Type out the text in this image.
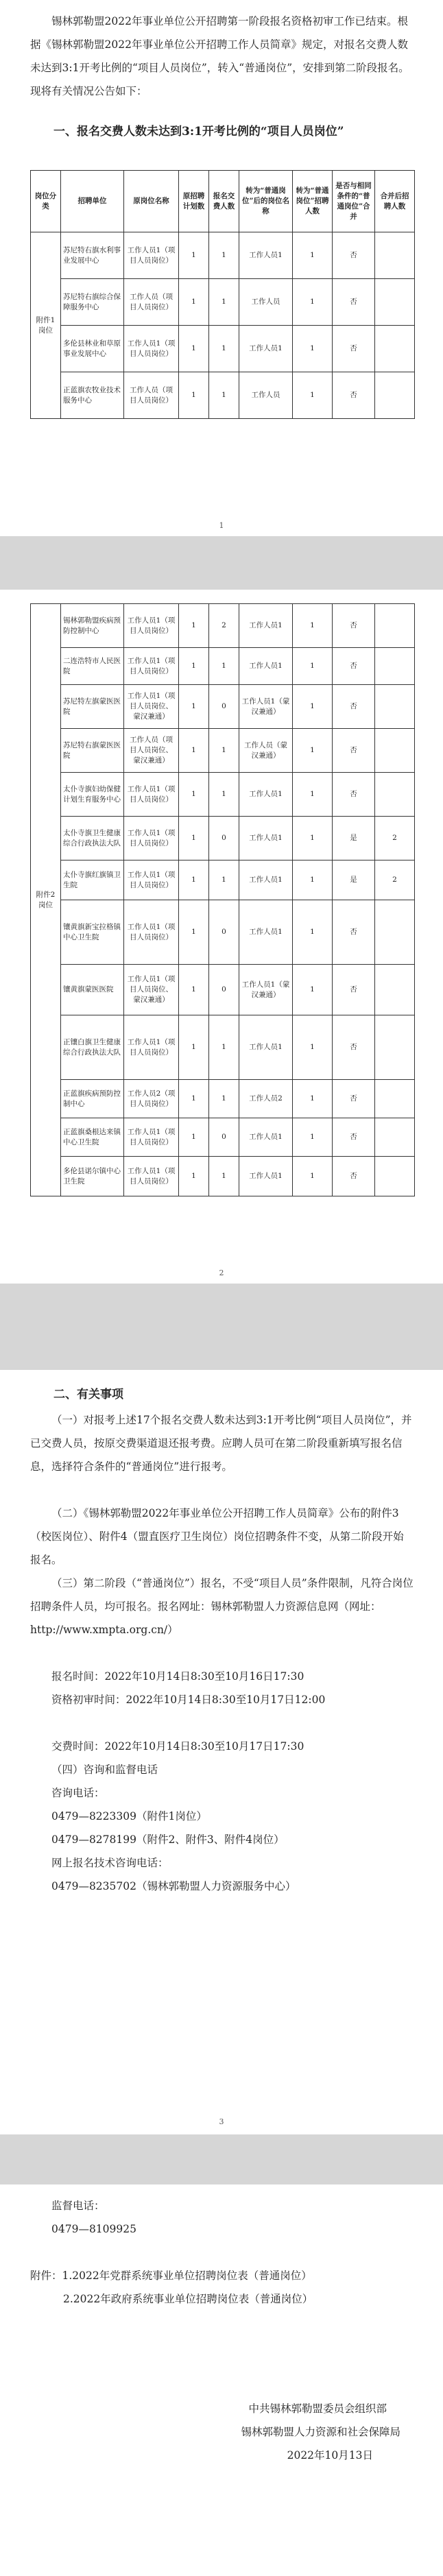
锡林郭勒盟2022年事业单位公开招聘第一阶段报名资格初审工作已结束。根据《锡林郭勒盟2022年事业单位公开招聘工作人员简章》规定，对报名交费人数未达到3:1开考比例的“项目人员岗位”，转入“普通岗位”，安排到第二阶段报名。现将有关情况公告如下：
一、报名交费人数未达到3:1开考比例的“项目人员岗位”
岗位分类	招聘单位	原岗位名称	原招聘计划数	报名交费人数	转为“普通岗位”后的岗位名称	转为“普通岗位”招聘人数	是否与相同条件的“普通岗位”合并	合并后招聘人数
附件1岗位	苏尼特右旗水利事业发展中心	工作人员1（项目人员岗位）	1	1	工作人员1	1	否	
	苏尼特右旗综合保障服务中心	工作人员（项目人员岗位）	1	1	工作人员	1	否	
	多伦县林业和草原事业发展中心	工作人员1（项目人员岗位）	1	1	工作人员1	1	否	
	正蓝旗农牧业技术服务中心	工作人员（项目人员岗位）	1	1	工作人员	1	否	
1
附件2岗位	锡林郭勒盟疾病预防控制中心	工作人员1（项目人员岗位）	1	2	工作人员1	1	否	
	二连浩特市人民医院	工作人员1（项目人员岗位）	1	1	工作人员1	1	否	
	苏尼特左旗蒙医医院	工作人员1（项目人员岗位、蒙汉兼通）	1	0	工作人员1（蒙汉兼通）	1	否	
	苏尼特右旗蒙医医院	工作人员（项目人员岗位、蒙汉兼通）	1	1	工作人员（蒙汉兼通）	1	否	
	太仆寺旗妇幼保健计划生育服务中心	工作人员1（项目人员岗位）	1	1	工作人员1	1	否	
	太仆寺旗卫生健康综合行政执法大队	工作人员1（项目人员岗位）	1	0	工作人员1	1	是	2
	太仆寺旗红旗镇卫生院	工作人员1（项目人员岗位）	1	1	工作人员1	1	是	2
	镶黄旗新宝拉格镇中心卫生院	工作人员1（项目人员岗位）	1	0	工作人员1	1	否	
	镶黄旗蒙医医院	工作人员1（项目人员岗位、蒙汉兼通）	1	0	工作人员1（蒙汉兼通）	1	否	
	正镶白旗卫生健康综合行政执法大队	工作人员1（项目人员岗位）	1	1	工作人员1	1	否	
	正蓝旗疾病预防控制中心	工作人员2（项目人员岗位）	1	1	工作人员2	1	否	
	正蓝旗桑根达来镇中心卫生院	工作人员1（项目人员岗位）	1	0	工作人员1	1	否	
	多伦县诺尔镇中心卫生院	工作人员1（项目人员岗位）	1	1	工作人员1	1	否	
2
二、有关事项
（一）对报考上述17个报名交费人数未达到3:1开考比例“项目人员岗位”，并已交费人员，按原交费渠道退还报考费。应聘人员可在第二阶段重新填写报名信息，选择符合条件的“普通岗位”进行报考。
（二）《锡林郭勒盟2022年事业单位公开招聘工作人员简章》公布的附件3（校医岗位）、附件4（盟直医疗卫生岗位）岗位招聘条件不变，从第二阶段开始报名。
（三）第二阶段（“普通岗位”）报名，不受“项目人员”条件限制，凡符合岗位招聘条件人员，均可报名。报名网址：锡林郭勒盟人力资源信息网（网址：http://www.xmpta.org.cn/）
报名时间：2022年10月14日8:30至10月16日17:30
资格初审时间：2022年10月14日8:30至10月17日12:00
交费时间：2022年10月14日8:30至10月17日17:30
（四）咨询和监督电话
咨询电话：
0479—8223309（附件1岗位）
0479—8278199（附件2、附件3、附件4岗位）
网上报名技术咨询电话：
0479—8235702（锡林郭勒盟人力资源服务中心）
3
监督电话：
0479—8109925
附件：1.2022年党群系统事业单位招聘岗位表（普通岗位）
2.2022年政府系统事业单位招聘岗位表（普通岗位）
中共锡林郭勒盟委员会组织部
锡林郭勒盟人力资源和社会保障局
2022年10月13日
